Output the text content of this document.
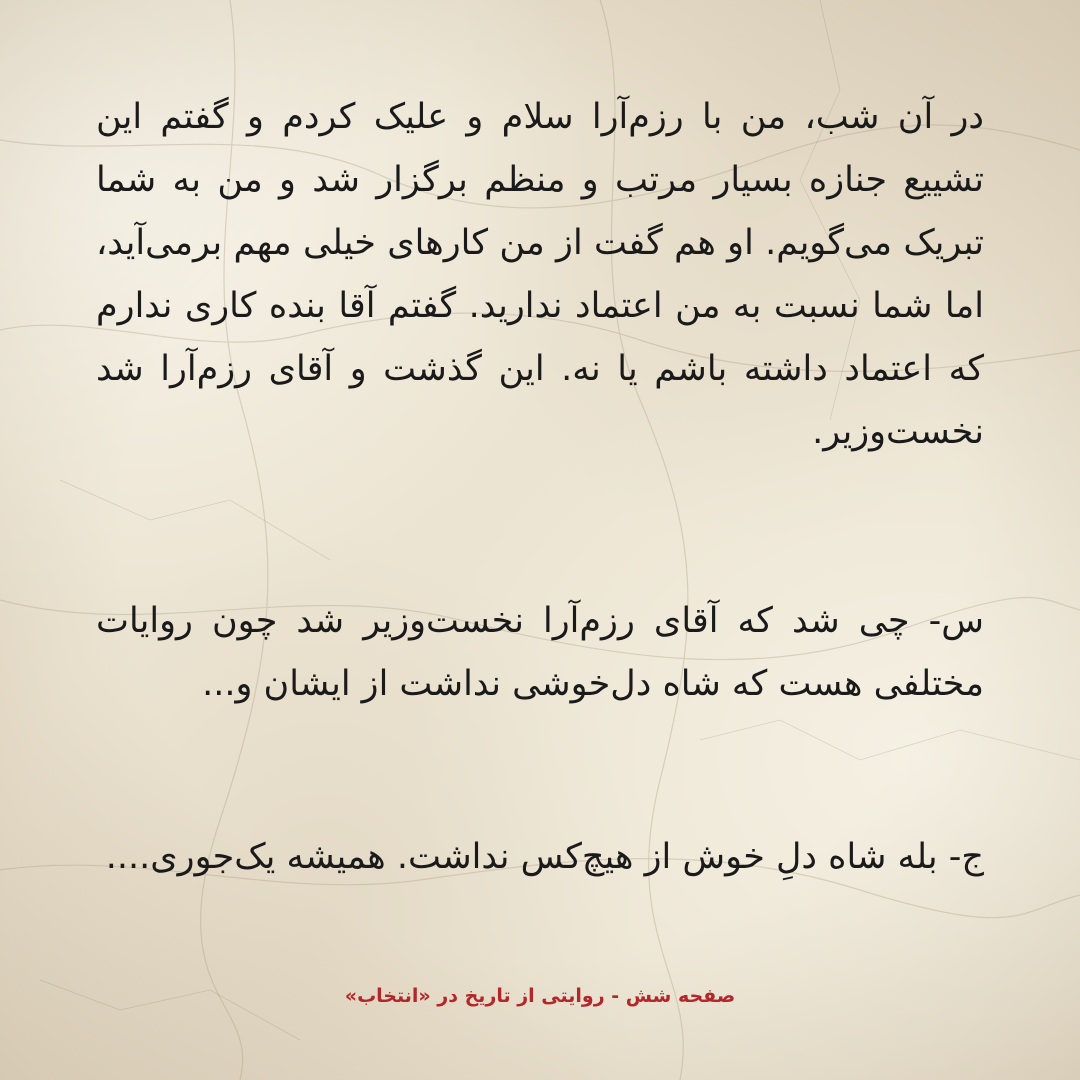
در آن شب، من با رزم‌آرا سلام و علیک کردم و گفتم این تشییع جنازه بسیار مرتب و منظم برگزار شد و من به شما تبریک می‌گویم. او هم گفت از من کارهای خیلی مهم برمی‌آید، اما شما نسبت به من اعتماد ندارید. گفتم آقا بنده کاری ندارم که اعتماد داشته باشم یا نه. این گذشت و آقای رزم‌آرا شد نخست‌وزیر.

س- چی شد که آقای رزم‌آرا نخست‌وزیر شد چون روایات مختلفی هست که شاه دل‌خوشی نداشت از ایشان و...

ج- بله شاه دلِ خوش از هیچ‌کس نداشت. همیشه یک‌جوری....

صفحه شش - روایتی از تاریخ در «انتخاب»
